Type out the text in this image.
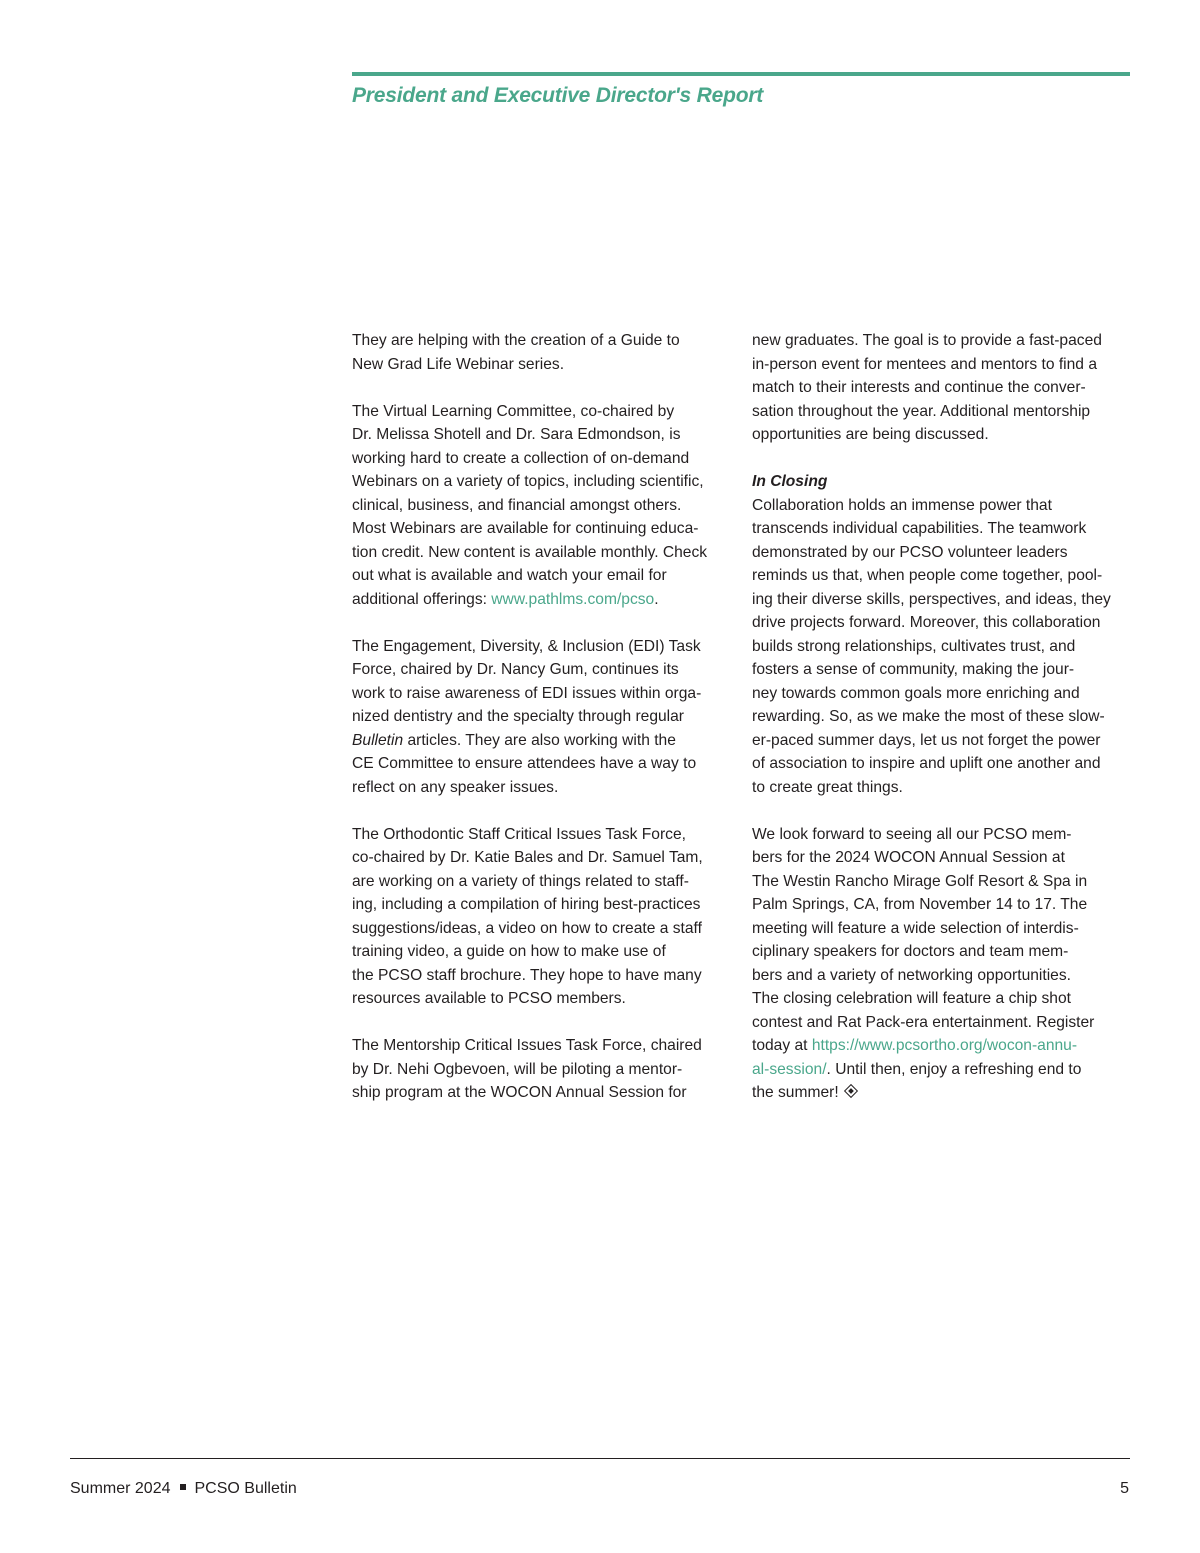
President and Executive Director's Report

They are helping with the creation of a Guide to
New Grad Life Webinar series.

The Virtual Learning Committee, co-chaired by
Dr. Melissa Shotell and Dr. Sara Edmondson, is
working hard to create a collection of on-demand
Webinars on a variety of topics, including scientific,
clinical, business, and financial amongst others.
Most Webinars are available for continuing educa-
tion credit. New content is available monthly. Check
out what is available and watch your email for
additional offerings: www.pathlms.com/pcso.

The Engagement, Diversity, & Inclusion (EDI) Task
Force, chaired by Dr. Nancy Gum, continues its
work to raise awareness of EDI issues within orga-
nized dentistry and the specialty through regular
Bulletin articles. They are also working with the
CE Committee to ensure attendees have a way to
reflect on any speaker issues.

The Orthodontic Staff Critical Issues Task Force,
co-chaired by Dr. Katie Bales and Dr. Samuel Tam,
are working on a variety of things related to staff-
ing, including a compilation of hiring best-practices
suggestions/ideas, a video on how to create a staff
training video, a guide on how to make use of
the PCSO staff brochure. They hope to have many
resources available to PCSO members.

The Mentorship Critical Issues Task Force, chaired
by Dr. Nehi Ogbevoen, will be piloting a mentor-
ship program at the WOCON Annual Session for

new graduates. The goal is to provide a fast-paced
in-person event for mentees and mentors to find a
match to their interests and continue the conver-
sation throughout the year. Additional mentorship
opportunities are being discussed.

In Closing
Collaboration holds an immense power that
transcends individual capabilities. The teamwork
demonstrated by our PCSO volunteer leaders
reminds us that, when people come together, pool-
ing their diverse skills, perspectives, and ideas, they
drive projects forward. Moreover, this collaboration
builds strong relationships, cultivates trust, and
fosters a sense of community, making the jour-
ney towards common goals more enriching and
rewarding. So, as we make the most of these slow-
er-paced summer days, let us not forget the power
of association to inspire and uplift one another and
to create great things.

We look forward to seeing all our PCSO mem-
bers for the 2024 WOCON Annual Session at
The Westin Rancho Mirage Golf Resort & Spa in
Palm Springs, CA, from November 14 to 17. The
meeting will feature a wide selection of interdis-
ciplinary speakers for doctors and team mem-
bers and a variety of networking opportunities.
The closing celebration will feature a chip shot
contest and Rat Pack-era entertainment. Register
today at https://www.pcsortho.org/wocon-annu-
al-session/. Until then, enjoy a refreshing end to
the summer!

Summer 2024 PCSO Bulletin	5
